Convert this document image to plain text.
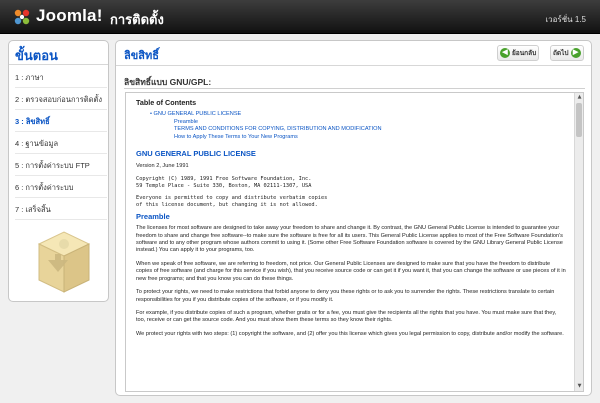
Joomla! การติดตั้ง	เวอร์ชั่น 1.5
ขั้นตอน
1 : ภาษา
2 : ตรวจสอบก่อนการติดตั้ง
3 : ลิขสิทธิ์
4 : ฐานข้อมูล
5 : การตั้งค่าระบบ FTP
6 : การตั้งค่าระบบ
7 : เสร็จสิ้น
ลิขสิทธิ์	◀ ย้อนกลับ	ถัดไป ▶
ลิขสิทธิ์แบบ GNU/GPL:
Table of Contents
• GNU GENERAL PUBLIC LICENSE
Preamble
TERMS AND CONDITIONS FOR COPYING, DISTRIBUTION AND MODIFICATION
How to Apply These Terms to Your New Programs
GNU GENERAL PUBLIC LICENSE
Version 2, June 1991
Copyright (C) 1989, 1991 Free Software Foundation, Inc.
59 Temple Place - Suite 330, Boston, MA 02111-1307, USA
Everyone is permitted to copy and distribute verbatim copies
of this license document, but changing it is not allowed.
Preamble
The licenses for most software are designed to take away your freedom to share and change it. By contrast, the GNU General Public License is intended to guarantee your freedom to share and change free software--to make sure the software is free for all its users. This General Public License applies to most of the Free Software Foundation's software and to any other program whose authors commit to using it. (Some other Free Software Foundation software is covered by the GNU Library General Public License instead.) You can apply it to your programs, too.
When we speak of free software, we are referring to freedom, not price. Our General Public Licenses are designed to make sure that you have the freedom to distribute copies of free software (and charge for this service if you wish), that you receive source code or can get it if you want it, that you can change the software or use pieces of it in new free programs; and that you know you can do these things.
To protect your rights, we need to make restrictions that forbid anyone to deny you these rights or to ask you to surrender the rights. These restrictions translate to certain responsibilities for you if you distribute copies of the software, or if you modify it.
For example, if you distribute copies of such a program, whether gratis or for a fee, you must give the recipients all the rights that you have. You must make sure that they, too, receive or can get the source code. And you must show them these terms so they know their rights.
We protect your rights with two steps: (1) copyright the software, and (2) offer you this license which gives you legal permission to copy, distribute and/or modify the software.
▲
▼
